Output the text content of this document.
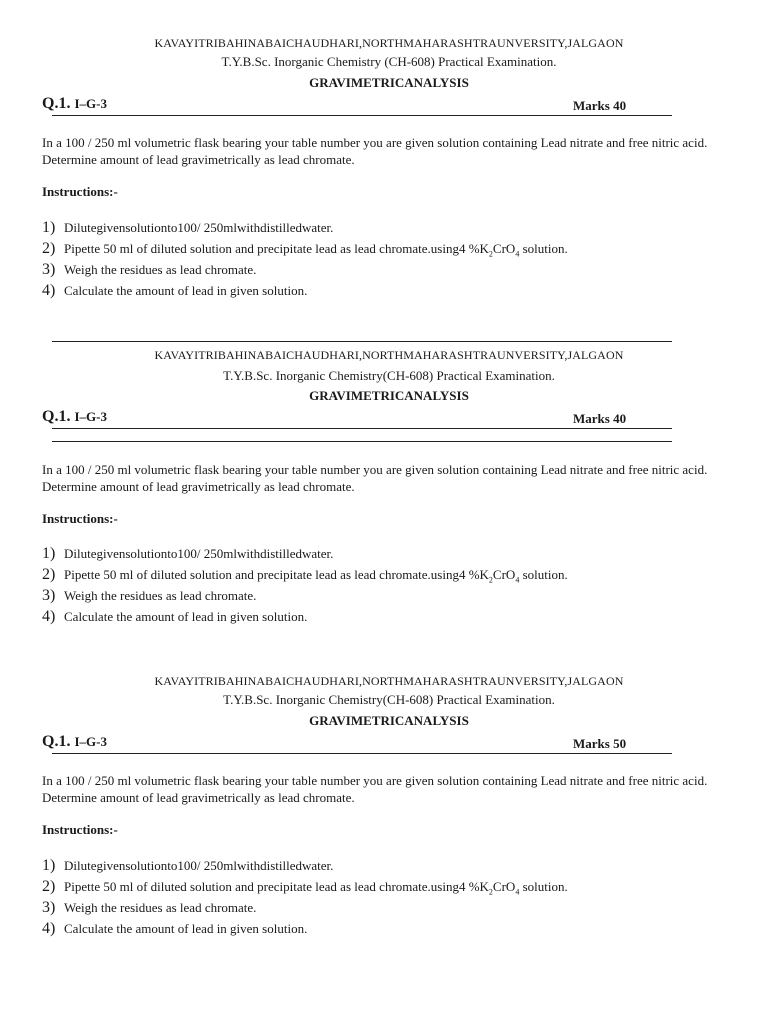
KAVAYITRIBAHINABAICHAUDHARI,NORTHMAHARASHTRAUNVERSITY,JALGAON
T.Y.B.Sc. Inorganic Chemistry (CH-608) Practical Examination.
GRAVIMETRICANALYSIS
Q.1. I–G-3	Marks 40
In a 100 / 250 ml volumetric flask bearing your table number you are given solution containing Lead nitrate and free nitric acid. Determine amount of lead gravimetrically as lead chromate.
Instructions:-
1) Dilutegivensolutionto100/ 250mlwithdistilledwater.
2) Pipette 50 ml of diluted solution and precipitate lead as lead chromate.using4 $\%K_2CrO_4$ solution.
3) Weigh the residues as lead chromate.
4) Calculate the amount of lead in given solution.
KAVAYITRIBAHINABAICHAUDHARI,NORTHMAHARASHTRAUNVERSITY,JALGAON
T.Y.B.Sc. Inorganic Chemistry(CH-608) Practical Examination.
GRAVIMETRICANALYSIS
Q.1. I–G-3	Marks 40
In a 100 / 250 ml volumetric flask bearing your table number you are given solution containing Lead nitrate and free nitric acid. Determine amount of lead gravimetrically as lead chromate.
Instructions:-
1) Dilutegivensolutionto100/ 250mlwithdistilledwater.
2) Pipette 50 ml of diluted solution and precipitate lead as lead chromate.using4 $\%K_2CrO_4$ solution.
3) Weigh the residues as lead chromate.
4) Calculate the amount of lead in given solution.
KAVAYITRIBAHINABAICHAUDHARI,NORTHMAHARASHTRAUNVERSITY,JALGAON
T.Y.B.Sc. Inorganic Chemistry(CH-608) Practical Examination.
GRAVIMETRICANALYSIS
Q.1. I–G-3	Marks 50
In a 100 / 250 ml volumetric flask bearing your table number you are given solution containing Lead nitrate and free nitric acid. Determine amount of lead gravimetrically as lead chromate.
Instructions:-
1) Dilutegivensolutionto100/ 250mlwithdistilledwater.
2) Pipette 50 ml of diluted solution and precipitate lead as lead chromate.using4 $\%K_2CrO_4$ solution.
3) Weigh the residues as lead chromate.
4) Calculate the amount of lead in given solution.
